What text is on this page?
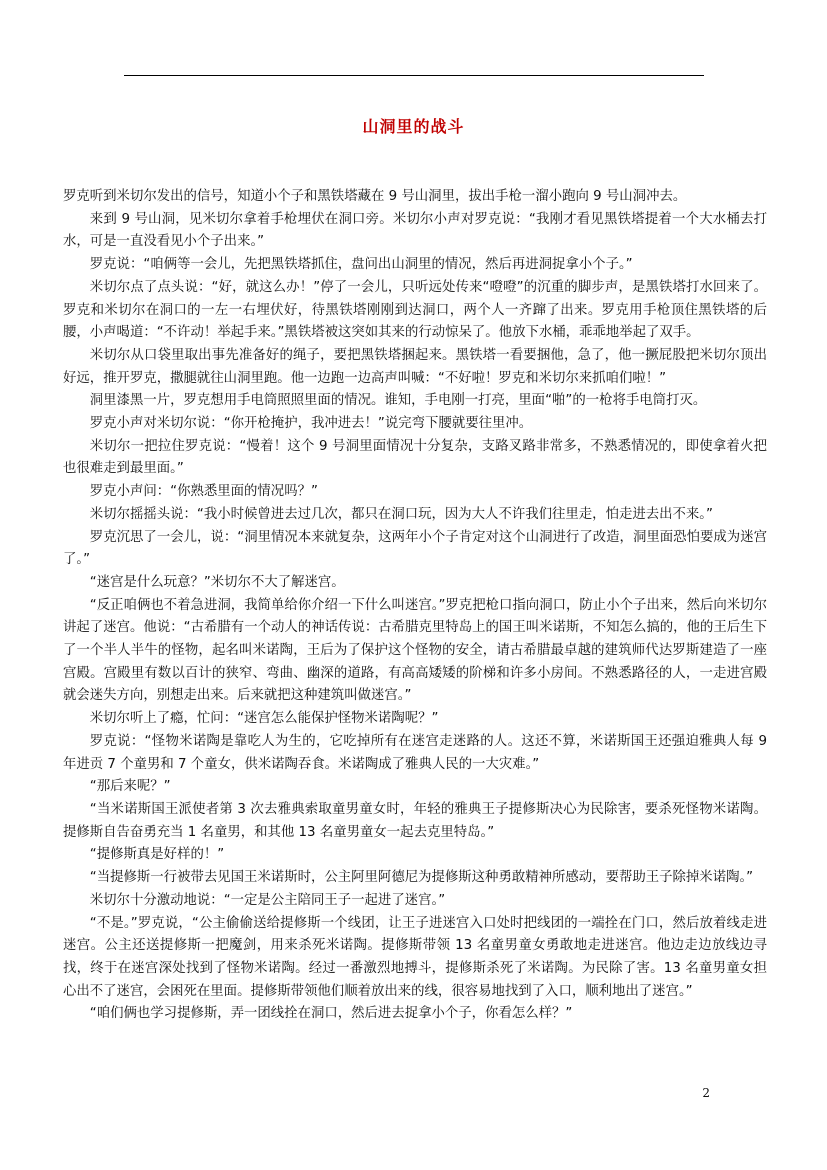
山洞里的战斗

罗克听到米切尔发出的信号，知道小个子和黑铁塔藏在 9 号山洞里，拔出手枪一溜小跑向 9 号山洞冲去。

来到 9 号山洞，见米切尔拿着手枪埋伏在洞口旁。米切尔小声对罗克说：“我刚才看见黑铁塔提着一个大水桶去打水，可是一直没看见小个子出来。”

罗克说：“咱俩等一会儿，先把黑铁塔抓住，盘问出山洞里的情况，然后再进洞捉拿小个子。”

米切尔点了点头说：“好，就这么办！”停了一会儿，只听远处传来“噔噔”的沉重的脚步声，是黑铁塔打水回来了。罗克和米切尔在洞口的一左一右埋伏好，待黑铁塔刚刚到达洞口，两个人一齐蹿了出来。罗克用手枪顶住黑铁塔的后腰，小声喝道：“不许动！举起手来。”黑铁塔被这突如其来的行动惊呆了。他放下水桶，乖乖地举起了双手。

米切尔从口袋里取出事先准备好的绳子，要把黑铁塔捆起来。黑铁塔一看要捆他，急了，他一撅屁股把米切尔顶出好远，推开罗克，撒腿就往山洞里跑。他一边跑一边高声叫喊：“不好啦！罗克和米切尔来抓咱们啦！”

洞里漆黑一片，罗克想用手电筒照照里面的情况。谁知，手电刚一打亮，里面“啪”的一枪将手电筒打灭。

罗克小声对米切尔说：“你开枪掩护，我冲进去！”说完弯下腰就要往里冲。

米切尔一把拉住罗克说：“慢着！这个 9 号洞里面情况十分复杂，支路叉路非常多，不熟悉情况的，即使拿着火把也很难走到最里面。”

罗克小声问：“你熟悉里面的情况吗？”

米切尔摇摇头说：“我小时候曾进去过几次，都只在洞口玩，因为大人不许我们往里走，怕走进去出不来。”

罗克沉思了一会儿，说：“洞里情况本来就复杂，这两年小个子肯定对这个山洞进行了改造，洞里面恐怕要成为迷宫了。”

“迷宫是什么玩意？”米切尔不大了解迷宫。

“反正咱俩也不着急进洞，我简单给你介绍一下什么叫迷宫。”罗克把枪口指向洞口，防止小个子出来，然后向米切尔讲起了迷宫。他说：“古希腊有一个动人的神话传说：古希腊克里特岛上的国王叫米诺斯，不知怎么搞的，他的王后生下了一个半人半牛的怪物，起名叫米诺陶，王后为了保护这个怪物的安全，请古希腊最卓越的建筑师代达罗斯建造了一座宫殿。宫殿里有数以百计的狭窄、弯曲、幽深的道路，有高高矮矮的阶梯和许多小房间。不熟悉路径的人，一走进宫殿就会迷失方向，别想走出来。后来就把这种建筑叫做迷宫。”

米切尔听上了瘾，忙问：“迷宫怎么能保护怪物米诺陶呢？”

罗克说：“怪物米诺陶是靠吃人为生的，它吃掉所有在迷宫走迷路的人。这还不算，米诺斯国王还强迫雅典人每 9 年进贡 7 个童男和 7 个童女，供米诺陶吞食。米诺陶成了雅典人民的一大灾难。”

“那后来呢？”

“当米诺斯国王派使者第 3 次去雅典索取童男童女时，年轻的雅典王子提修斯决心为民除害，要杀死怪物米诺陶。提修斯自告奋勇充当 1 名童男，和其他 13 名童男童女一起去克里特岛。”

“提修斯真是好样的！”

“当提修斯一行被带去见国王米诺斯时，公主阿里阿德尼为提修斯这种勇敢精神所感动，要帮助王子除掉米诺陶。”

米切尔十分激动地说：“一定是公主陪同王子一起进了迷宫。”

“不是。”罗克说，“公主偷偷送给提修斯一个线团，让王子进迷宫入口处时把线团的一端拴在门口，然后放着线走进迷宫。公主还送提修斯一把魔剑，用来杀死米诺陶。提修斯带领 13 名童男童女勇敢地走进迷宫。他边走边放线边寻找，终于在迷宫深处找到了怪物米诺陶。经过一番激烈地搏斗，提修斯杀死了米诺陶。为民除了害。13 名童男童女担心出不了迷宫，会困死在里面。提修斯带领他们顺着放出来的线，很容易地找到了入口，顺利地出了迷宫。”

“咱们俩也学习提修斯，弄一团线拴在洞口，然后进去捉拿小个子，你看怎么样？”

2
